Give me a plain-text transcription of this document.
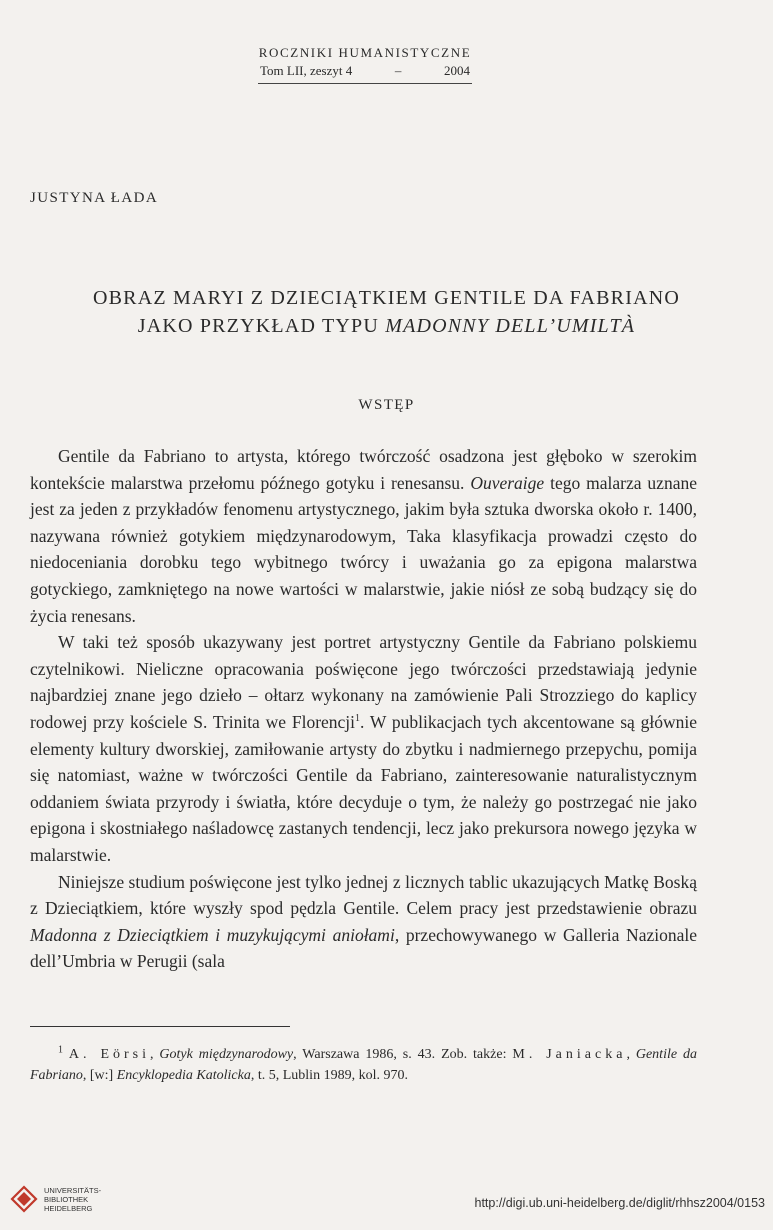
ROCZNIKI HUMANISTYCZNE
Tom LII, zeszyt 4	–	2004
JUSTYNA ŁADA
OBRAZ MARYI Z DZIECIĄTKIEM GENTILE DA FABRIANO
JAKO PRZYKŁAD TYPU MADONNY DELL’UMILTÀ
WSTĘP

Gentile da Fabriano to artysta, którego twórczość osadzona jest głęboko w szerokim kontekście malarstwa przełomu późnego gotyku i renesansu. Ouveraige tego malarza uznane jest za jeden z przykładów fenomenu artystycznego, jakim była sztuka dworska około r. 1400, nazywana również gotykiem międzynarodowym, Taka klasyfikacja prowadzi często do niedoceniania dorobku tego wybitnego twórcy i uważania go za epigona malarstwa gotyckiego, zamkniętego na nowe wartości w malarstwie, jakie niósł ze sobą budzący się do życia renesans.

W taki też sposób ukazywany jest portret artystyczny Gentile da Fabriano polskiemu czytelnikowi. Nieliczne opracowania poświęcone jego twórczości przedstawiają jedynie najbardziej znane jego dzieło – ołtarz wykonany na zamówienie Pali Strozziego do kaplicy rodowej przy kościele S. Trinita we Florencji$^1$. W publikacjach tych akcentowane są głównie elementy kultury dworskiej, zamiłowanie artysty do zbytku i nadmiernego przepychu, pomija się natomiast, ważne w twórczości Gentile da Fabriano, zainteresowanie naturalistycznym oddaniem świata przyrody i światła, które decyduje o tym, że należy go postrzegać nie jako epigona i skostniałego naśladowcę zastanych tendencji, lecz jako prekursora nowego języka w malarstwie.

Niniejsze studium poświęcone jest tylko jednej z licznych tablic ukazujących Matkę Boską z Dzieciątkiem, które wyszły spod pędzla Gentile. Celem pracy jest przedstawienie obrazu Madonna z Dzieciątkiem i muzykującymi aniołami, przechowywanego w Galleria Nazionale dell’Umbria w Perugii (sala

$^1$ A. Eörsi, Gotyk międzynarodowy, Warszawa 1986, s. 43. Zob. także: M. Janiacka, Gentile da Fabriano, [w:] Encyklopedia Katolicka, t. 5, Lublin 1989, kol. 970.
UNIVERSITÄTS-
BIBLIOTHEK
HEIDELBERG	http://digi.ub.uni-heidelberg.de/diglit/rhhsz2004/0153
